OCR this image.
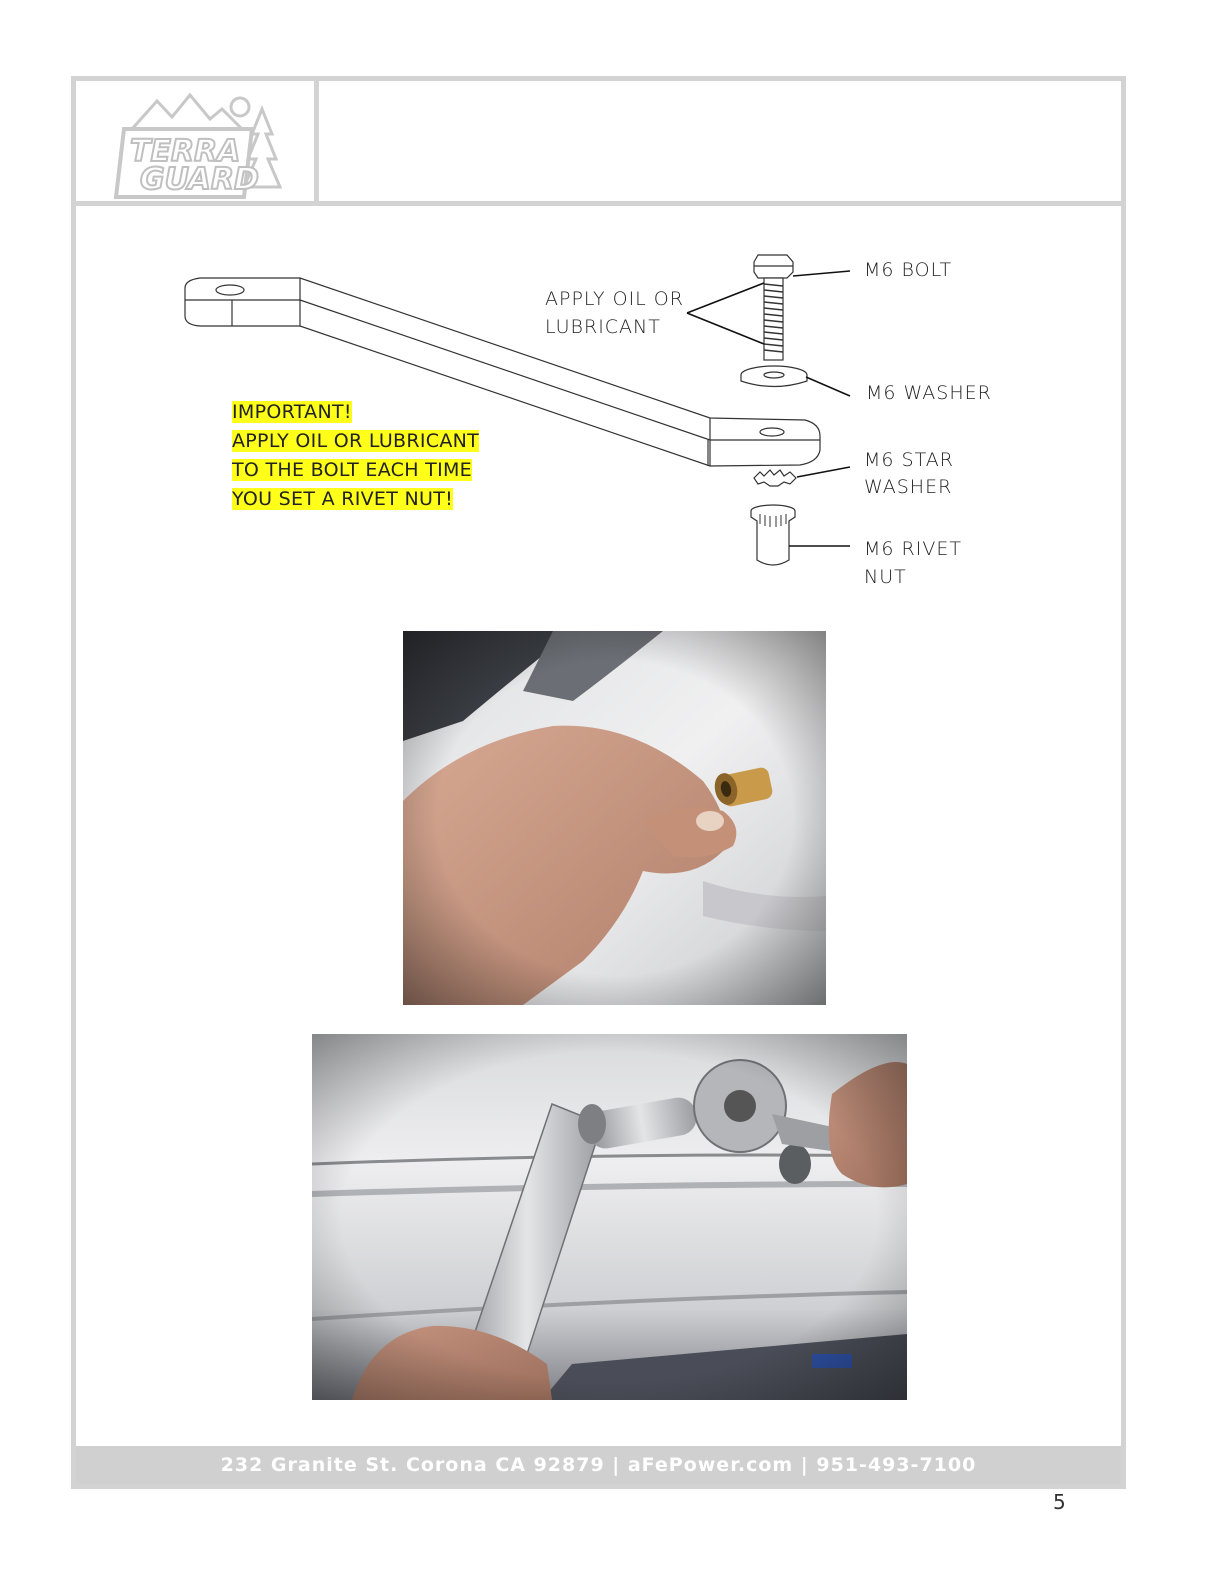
TERRA
GUARD
M6 BOLT
APPLY OIL OR
LUBRICANT
M6 WASHER
M6 STAR
WASHER
M6 RIVET
NUT
IMPORTANT!
APPLY OIL OR LUBRICANT
TO THE BOLT EACH TIME
YOU SET A RIVET NUT!
232 Granite St. Corona CA 92879 | aFePower.com | 951-493-7100
5
